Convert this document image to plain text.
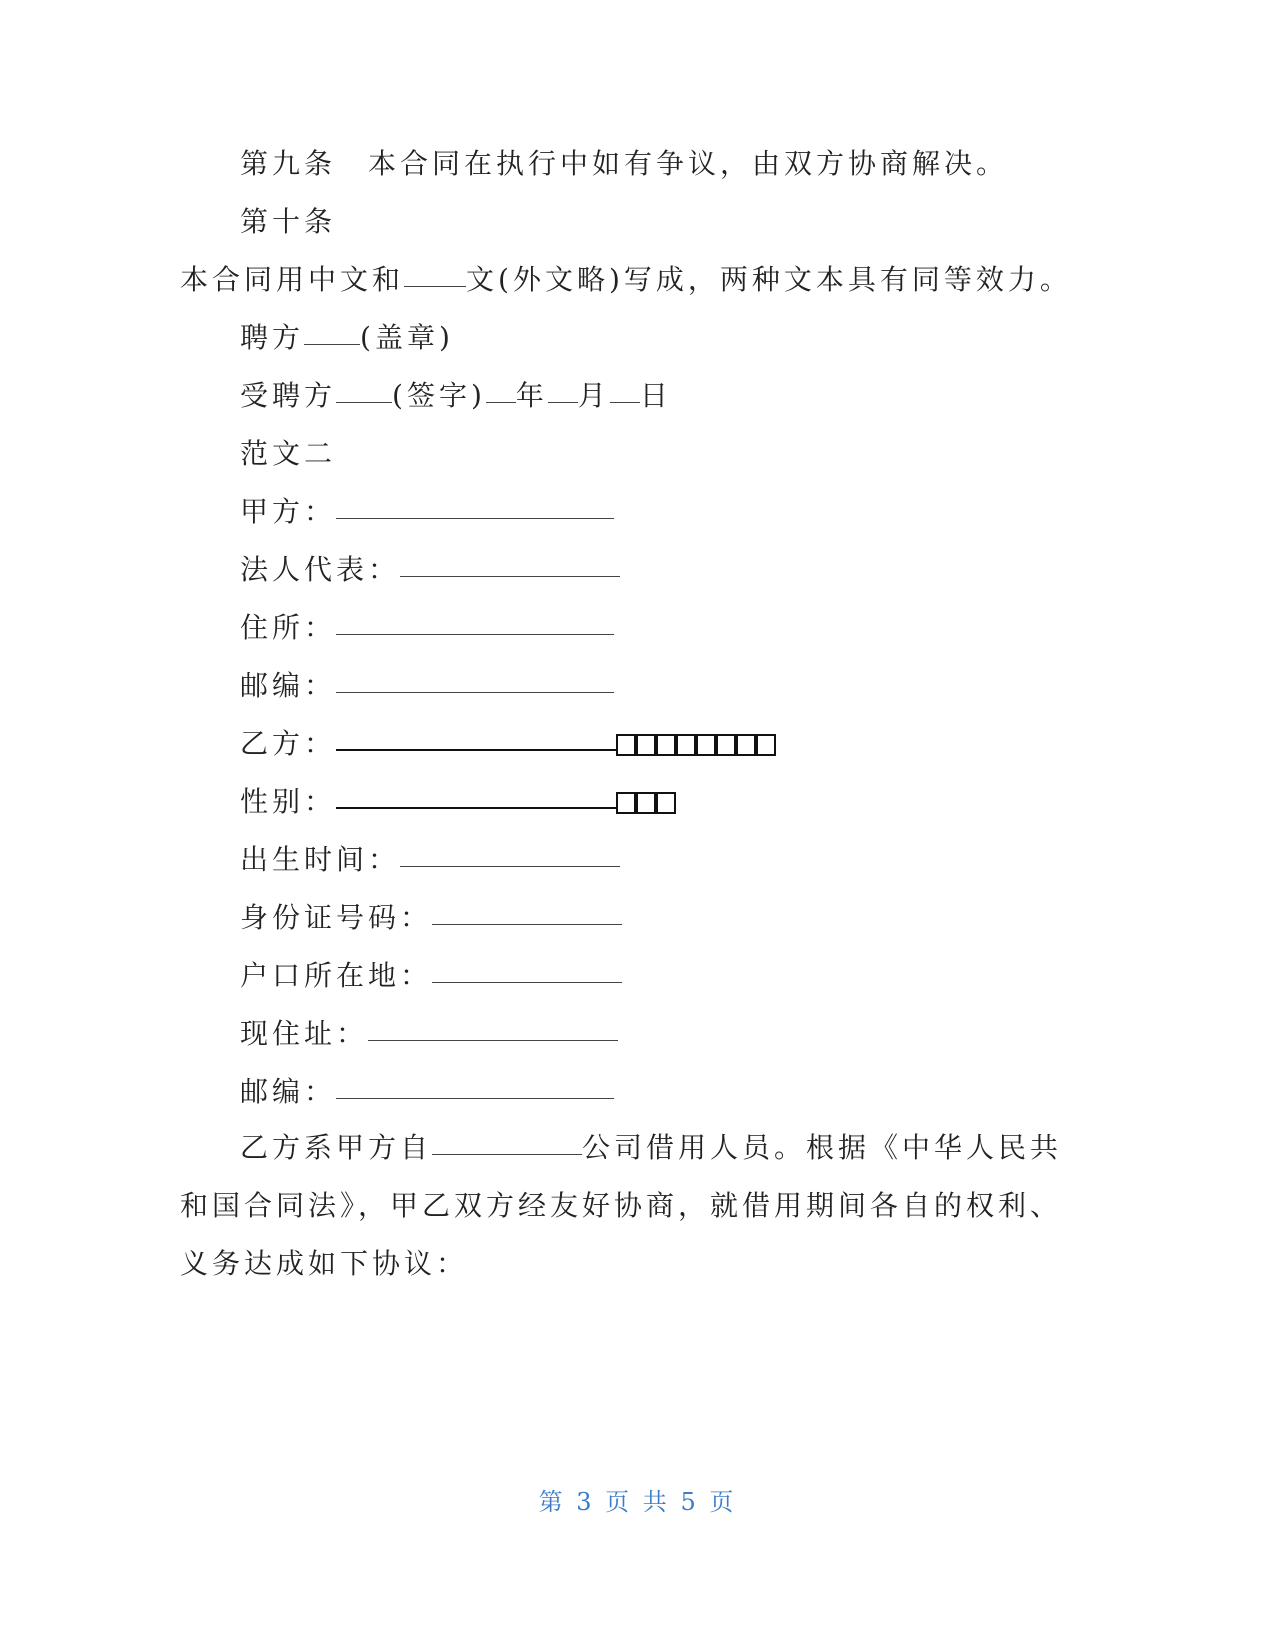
第九条　本合同在执行中如有争议，由双方协商解决。
第十条
本合同用中文和 文(外文略)写成，两种文本具有同等效力。
聘方 (盖章)
受聘方 (签字) 年 月 日
范文二
甲方：
法人代表：
住所：
邮编：
乙方：
性别：
出生时间：
身份证号码：
户口所在地：
现住址：
邮编：
乙方系甲方自	公司借用人员。根据《中华人民共
和国合同法》，甲乙双方经友好协商，就借用期间各自的权利、
义务达成如下协议：
第 3 页 共 5 页
